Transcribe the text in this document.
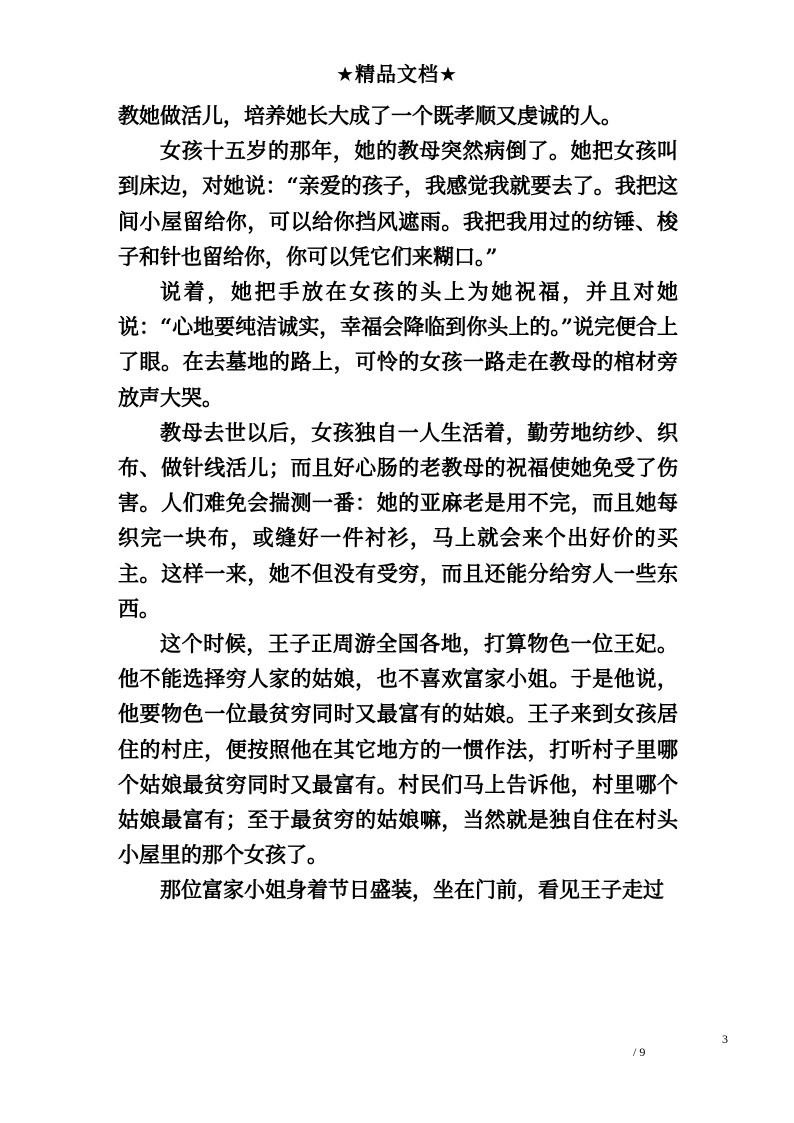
★精品文档★

教她做活儿，培养她长大成了一个既孝顺又虔诚的人。

女孩十五岁的那年，她的教母突然病倒了。她把女孩叫到床边，对她说：“亲爱的孩子，我感觉我就要去了。我把这间小屋留给你，可以给你挡风遮雨。我把我用过的纺锤、梭子和针也留给你，你可以凭它们来糊口。”

说着，她把手放在女孩的头上为她祝福，并且对她说：“心地要纯洁诚实，幸福会降临到你头上的。”说完便合上了眼。在去墓地的路上，可怜的女孩一路走在教母的棺材旁放声大哭。

教母去世以后，女孩独自一人生活着，勤劳地纺纱、织布、做针线活儿；而且好心肠的老教母的祝福使她免受了伤害。人们难免会揣测一番：她的亚麻老是用不完，而且她每织完一块布，或缝好一件衬衫，马上就会来个出好价的买主。这样一来，她不但没有受穷，而且还能分给穷人一些东西。

这个时候，王子正周游全国各地，打算物色一位王妃。他不能选择穷人家的姑娘，也不喜欢富家小姐。于是他说，他要物色一位最贫穷同时又最富有的姑娘。王子来到女孩居住的村庄，便按照他在其它地方的一惯作法，打听村子里哪个姑娘最贫穷同时又最富有。村民们马上告诉他，村里哪个姑娘最富有；至于最贫穷的姑娘嘛，当然就是独自住在村头小屋里的那个女孩了。

那位富家小姐身着节日盛装，坐在门前，看见王子走过

3
/ 9
